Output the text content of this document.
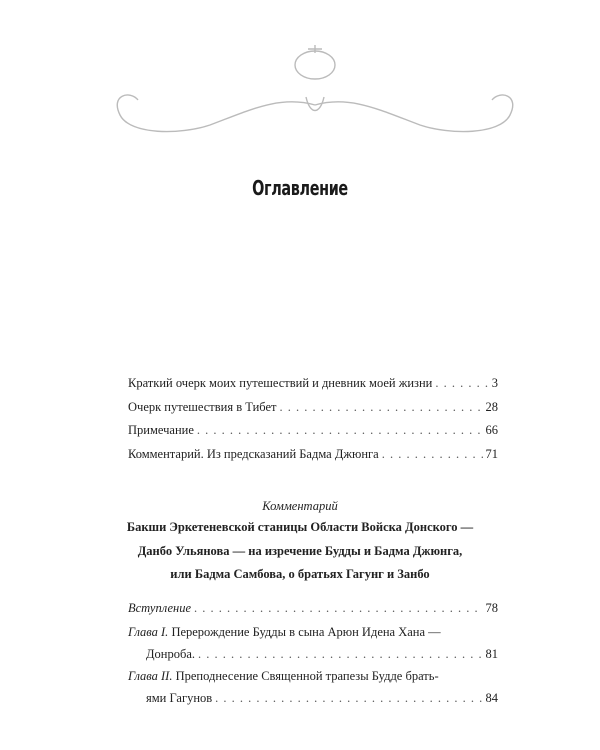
Оглавление
Краткий очерк моих путешествий и дневник моей жизни . . .	3
Очерк путешествия в Тибет . . .	28
Примечание . . .	66
Комментарий. Из предсказаний Бадма Джюнга . . .	71
Комментарий
Бакши Эркетеневской станицы Области Войска Донского —
Данбо Ульянова — на изречение Будды и Бадма Джюнга,
или Бадма Самбова, о братьях Гагунг и Занбо
Вступление . . .	78
Глава I. Перерождение Будды в сына Арюн Идена Хана —
Донроба. . . .	81
Глава II. Преподнесение Священной трапезы Будде брать-
ями Гагунов . . .	84
